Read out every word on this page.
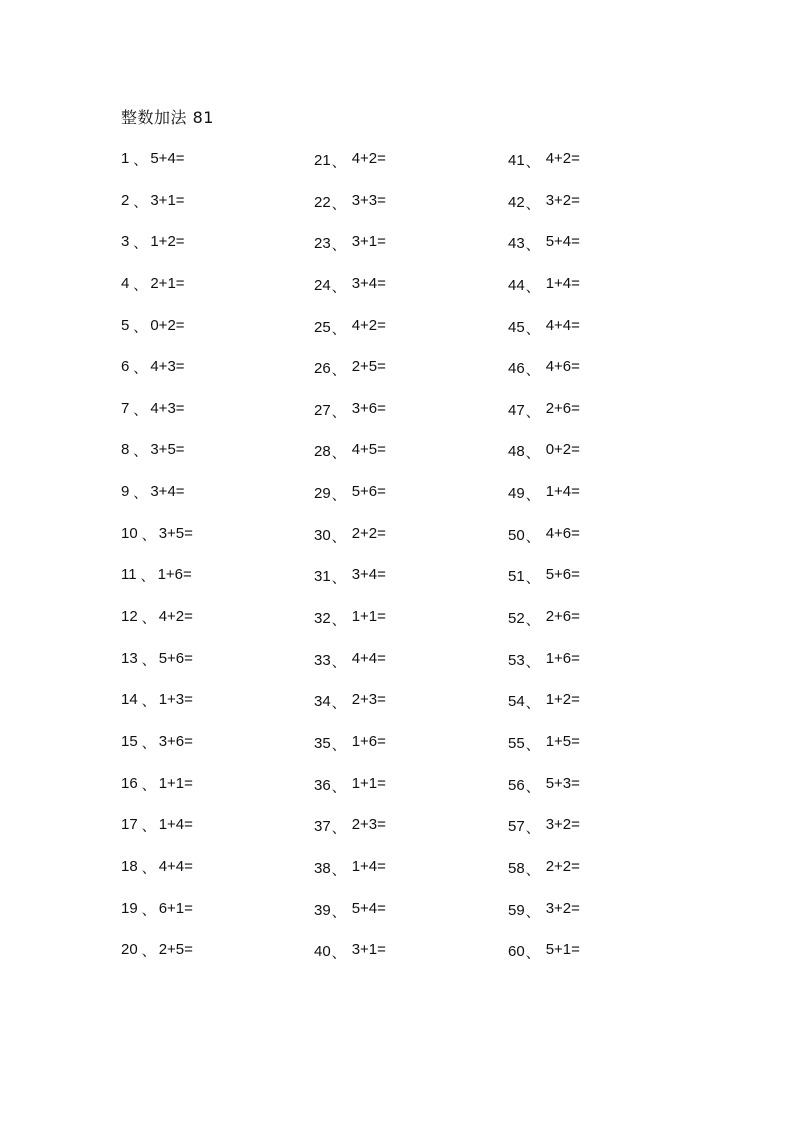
整数加法 81
1 、 5+4=
2 、 3+1=
3 、 1+2=
4 、 2+1=
5 、 0+2=
6 、 4+3=
7 、 4+3=
8 、 3+5=
9 、 3+4=
10 、 3+5=
11 、 1+6=
12 、 4+2=
13 、 5+6=
14 、 1+3=
15 、 3+6=
16 、 1+1=
17 、 1+4=
18 、 4+4=
19 、 6+1=
20 、 2+5=
21 、 4+2=
22 、 3+3=
23 、 3+1=
24 、 3+4=
25 、 4+2=
26 、 2+5=
27 、 3+6=
28 、 4+5=
29 、 5+6=
30 、 2+2=
31 、 3+4=
32 、 1+1=
33 、 4+4=
34 、 2+3=
35 、 1+6=
36 、 1+1=
37 、 2+3=
38 、 1+4=
39 、 5+4=
40 、 3+1=
41 、 4+2=
42 、 3+2=
43 、 5+4=
44 、 1+4=
45 、 4+4=
46 、 4+6=
47 、 2+6=
48 、 0+2=
49 、 1+4=
50 、 4+6=
51 、 5+6=
52 、 2+6=
53 、 1+6=
54 、 1+2=
55 、 1+5=
56 、 5+3=
57 、 3+2=
58 、 2+2=
59 、 3+2=
60 、 5+1=
